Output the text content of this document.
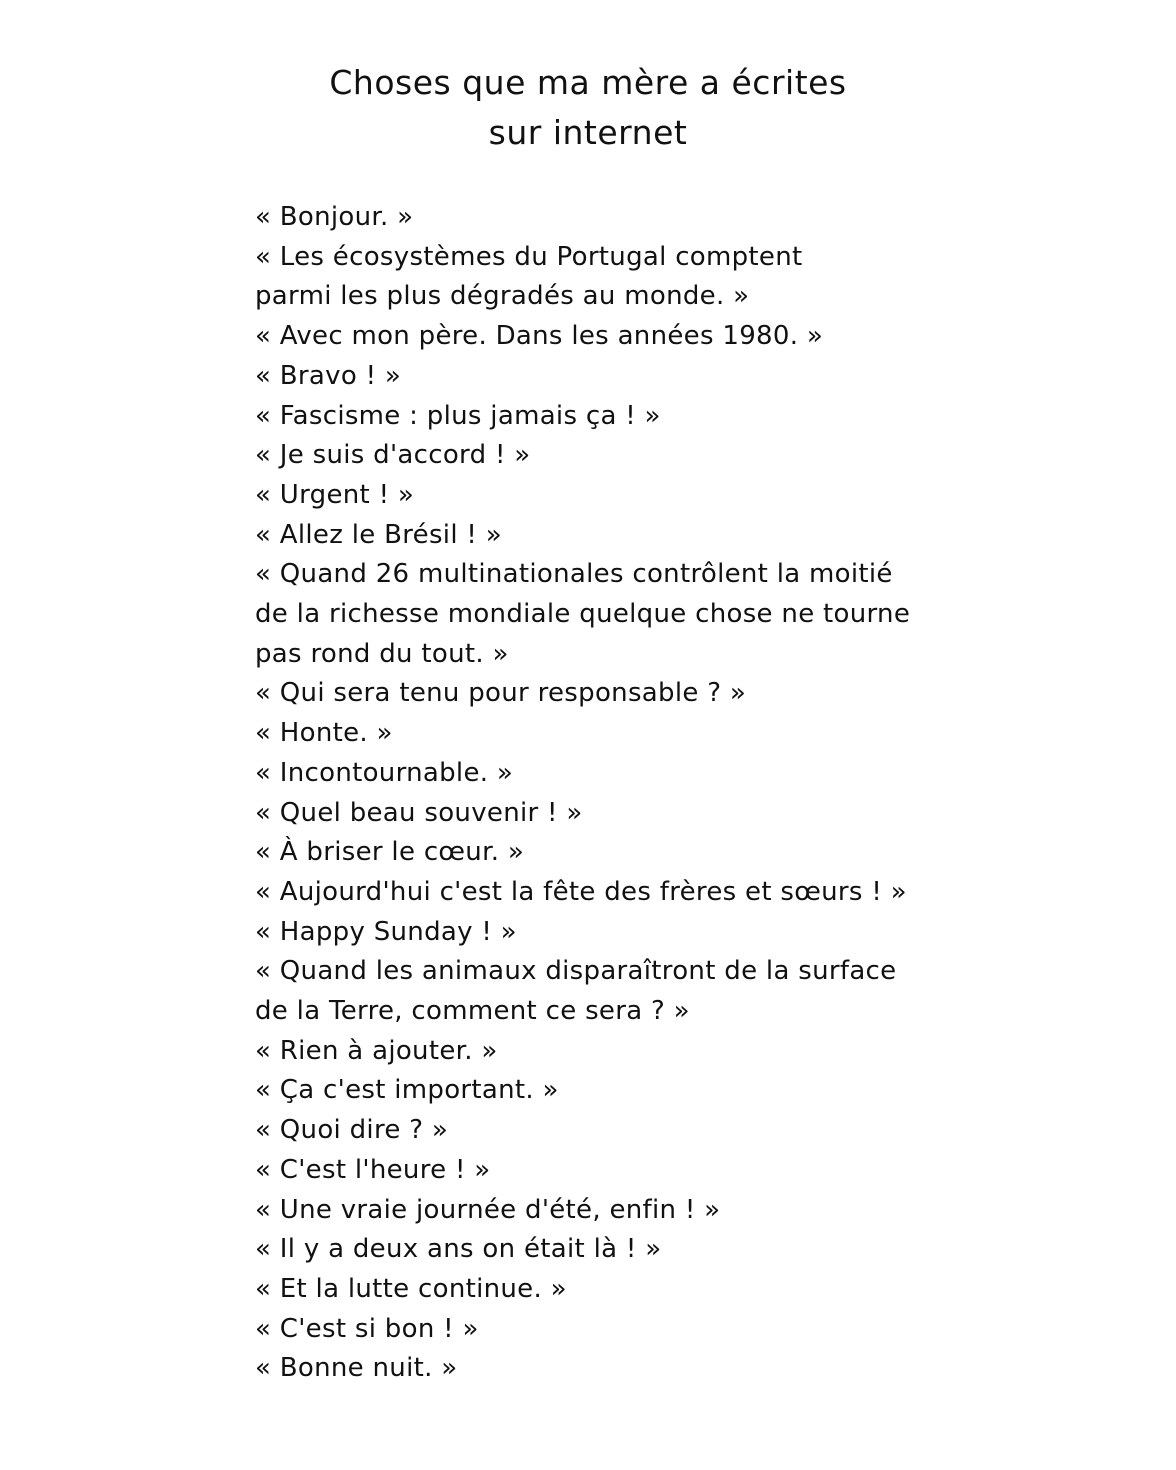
Choses que ma mère a écrites
sur internet
« Bonjour. »
« Les écosystèmes du Portugal comptent
parmi les plus dégradés au monde. »
« Avec mon père. Dans les années 1980. »
« Bravo ! »
« Fascisme : plus jamais ça ! »
« Je suis d'accord ! »
« Urgent ! »
« Allez le Brésil ! »
« Quand 26 multinationales contrôlent la moitié
de la richesse mondiale quelque chose ne tourne
pas rond du tout. »
« Qui sera tenu pour responsable ? »
« Honte. »
« Incontournable. »
« Quel beau souvenir ! »
« À briser le cœur. »
« Aujourd'hui c'est la fête des frères et sœurs ! »
« Happy Sunday ! »
« Quand les animaux disparaîtront de la surface
de la Terre, comment ce sera ? »
« Rien à ajouter. »
« Ça c'est important. »
« Quoi dire ? »
« C'est l'heure ! »
« Une vraie journée d'été, enfin ! »
« Il y a deux ans on était là ! »
« Et la lutte continue. »
« C'est si bon ! »
« Bonne nuit. »
